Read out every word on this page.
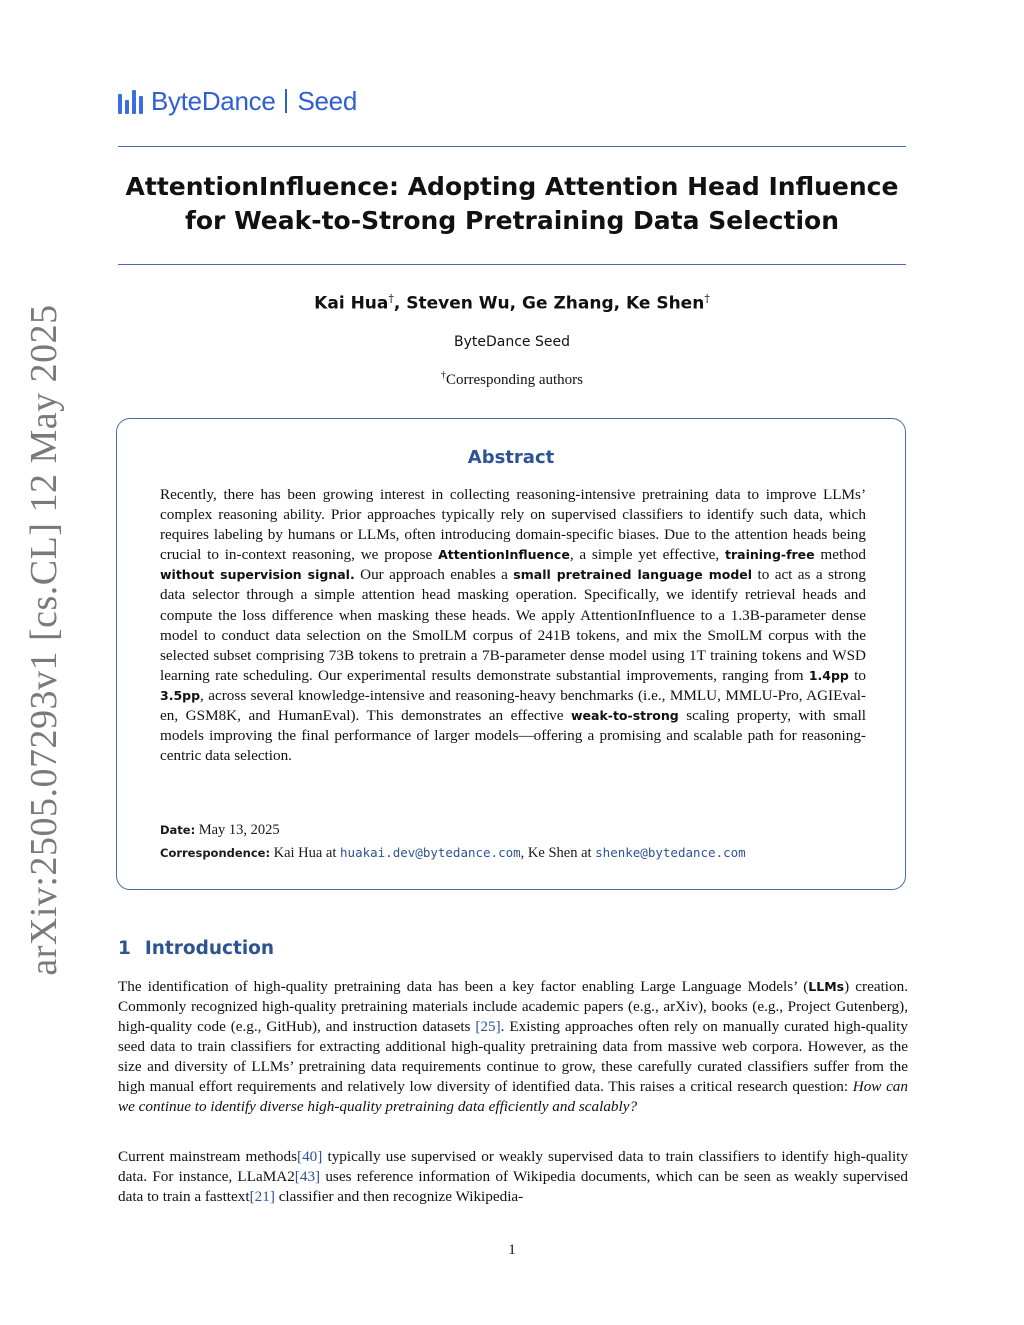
arXiv:2505.07293v1 [cs.CL] 12 May 2025
ByteDance Seed
AttentionInfluence: Adopting Attention Head Influence
for Weak-to-Strong Pretraining Data Selection
Kai Hua†, Steven Wu, Ge Zhang, Ke Shen†
ByteDance Seed
†Corresponding authors
Abstract
Recently, there has been growing interest in collecting reasoning-intensive pretraining data to improve LLMs’ complex reasoning ability. Prior approaches typically rely on supervised classifiers to identify such data, which requires labeling by humans or LLMs, often introducing domain-specific biases. Due to the attention heads being crucial to in-context reasoning, we propose AttentionInfluence, a simple yet effective, training-free method without supervision signal. Our approach enables a small pretrained language model to act as a strong data selector through a simple attention head masking operation. Specifically, we identify retrieval heads and compute the loss difference when masking these heads. We apply AttentionInfluence to a 1.3B-parameter dense model to conduct data selection on the SmolLM corpus of 241B tokens, and mix the SmolLM corpus with the selected subset comprising 73B tokens to pretrain a 7B-parameter dense model using 1T training tokens and WSD learning rate scheduling. Our experimental results demonstrate substantial improvements, ranging from 1.4pp to 3.5pp, across several knowledge-intensive and reasoning-heavy benchmarks (i.e., MMLU, MMLU-Pro, AGIEval-en, GSM8K, and HumanEval). This demonstrates an effective weak-to-strong scaling property, with small models improving the final performance of larger models—offering a promising and scalable path for reasoning-centric data selection.
Date: May 13, 2025
Correspondence: Kai Hua at huakai.dev@bytedance.com, Ke Shen at shenke@bytedance.com
1 Introduction

The identification of high-quality pretraining data has been a key factor enabling Large Language Models’ (LLMs) creation. Commonly recognized high-quality pretraining materials include academic papers (e.g., arXiv), books (e.g., Project Gutenberg), high-quality code (e.g., GitHub), and instruction datasets [25]. Existing approaches often rely on manually curated high-quality seed data to train classifiers for extracting additional high-quality pretraining data from massive web corpora. However, as the size and diversity of LLMs’ pretraining data requirements continue to grow, these carefully curated classifiers suffer from the high manual effort requirements and relatively low diversity of identified data. This raises a critical research question: How can we continue to identify diverse high-quality pretraining data efficiently and scalably?

Current mainstream methods[40] typically use supervised or weakly supervised data to train classifiers to identify high-quality data. For instance, LLaMA2[43] uses reference information of Wikipedia documents, which can be seen as weakly supervised data to train a fasttext[21] classifier and then recognize Wikipedia-

1
